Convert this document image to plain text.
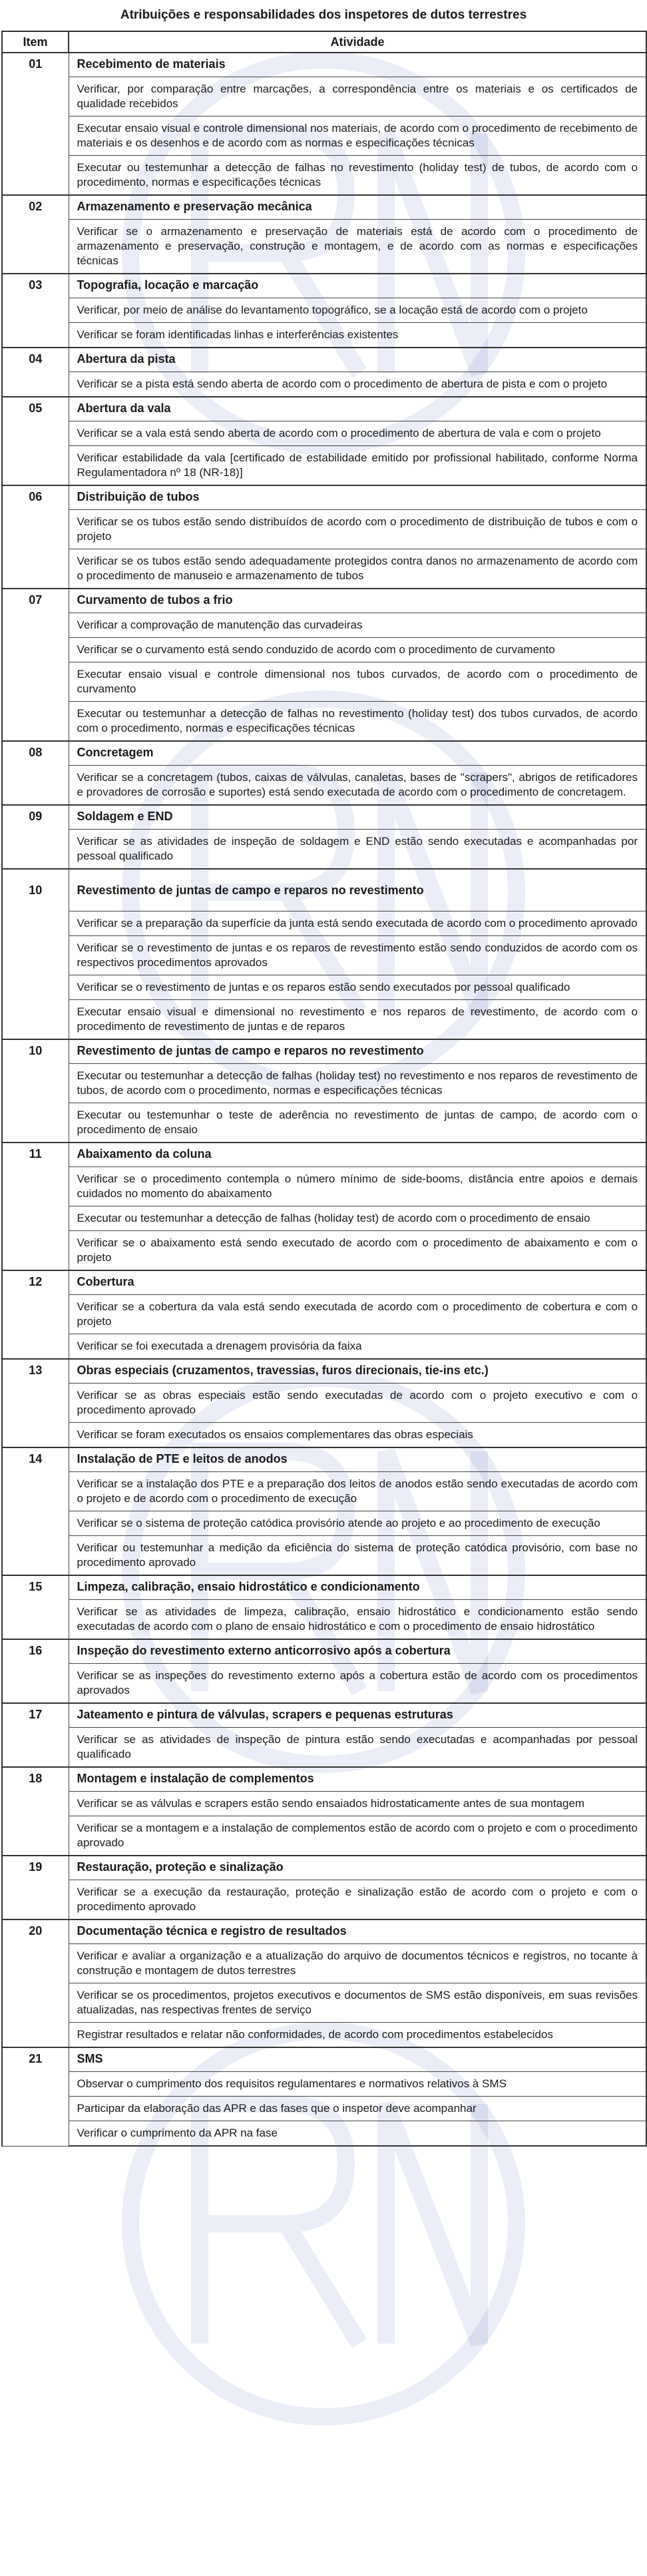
Atribuições e responsabilidades dos inspetores de dutos terrestres
Item	Atividade
01	Recebimento de materiais
	Verificar, por comparação entre marcações, a correspondência entre os materiais e os certificados de qualidade recebidos
	Executar ensaio visual e controle dimensional nos materiais, de acordo com o procedimento de recebimento de materiais e os desenhos e de acordo com as normas e especificações técnicas
	Executar ou testemunhar a detecção de falhas no revestimento (holiday test) de tubos, de acordo com o procedimento, normas e especificações técnicas
02	Armazenamento e preservação mecânica
	Verificar se o armazenamento e preservação de materiais está de acordo com o procedimento de armazenamento e preservação, construção e montagem, e de acordo com as normas e especificações técnicas
03	Topografia, locação e marcação
	Verificar, por meio de análise do levantamento topográfico, se a locação está de acordo com o projeto
	Verificar se foram identificadas linhas e interferências existentes
04	Abertura da pista
	Verificar se a pista está sendo aberta de acordo com o procedimento de abertura de pista e com o projeto
05	Abertura da vala
	Verificar se a vala está sendo aberta de acordo com o procedimento de abertura de vala e com o projeto
	Verificar estabilidade da vala [certificado de estabilidade emitido por profissional habilitado, conforme Norma Regulamentadora nº 18 (NR-18)]
06	Distribuição de tubos
	Verificar se os tubos estão sendo distribuídos de acordo com o procedimento de distribuição de tubos e com o projeto
	Verificar se os tubos estão sendo adequadamente protegidos contra danos no armazenamento de acordo com o procedimento de manuseio e armazenamento de tubos
07	Curvamento de tubos a frio
	Verificar a comprovação de manutenção das curvadeiras
	Verificar se o curvamento está sendo conduzido de acordo com o procedimento de curvamento
	Executar ensaio visual e controle dimensional nos tubos curvados, de acordo com o procedimento de curvamento
	Executar ou testemunhar a detecção de falhas no revestimento (holiday test) dos tubos curvados, de acordo com o procedimento, normas e especificações técnicas
08	Concretagem
	Verificar se a concretagem (tubos, caixas de válvulas, canaletas, bases de "scrapers", abrigos de retificadores e provadores de corrosão e suportes) está sendo executada de acordo com o procedimento de concretagem.
09	Soldagem e END
	Verificar se as atividades de inspeção de soldagem e END estão sendo executadas e acompanhadas por pessoal qualificado
10	Revestimento de juntas de campo e reparos no revestimento
	Verificar se a preparação da superfície da junta está sendo executada de acordo com o procedimento aprovado
	Verificar se o revestimento de juntas e os reparos de revestimento estão sendo conduzidos de acordo com os respectivos procedimentos aprovados
	Verificar se o revestimento de juntas e os reparos estão sendo executados por pessoal qualificado
	Executar ensaio visual e dimensional no revestimento e nos reparos de revestimento, de acordo com o procedimento de revestimento de juntas e de reparos
10	Revestimento de juntas de campo e reparos no revestimento
	Executar ou testemunhar a detecção de falhas (holiday test) no revestimento e nos reparos de revestimento de tubos, de acordo com o procedimento, normas e especificações técnicas
	Executar ou testemunhar o teste de aderência no revestimento de juntas de campo, de acordo com o procedimento de ensaio
11	Abaixamento da coluna
	Verificar se o procedimento contempla o número mínimo de side-booms, distância entre apoios e demais cuidados no momento do abaixamento
	Executar ou testemunhar a detecção de falhas (holiday test) de acordo com o procedimento de ensaio
	Verificar se o abaixamento está sendo executado de acordo com o procedimento de abaixamento e com o projeto
12	Cobertura
	Verificar se a cobertura da vala está sendo executada de acordo com o procedimento de cobertura e com o projeto
	Verificar se foi executada a drenagem provisória da faixa
13	Obras especiais (cruzamentos, travessias, furos direcionais, tie-ins etc.)
	Verificar se as obras especiais estão sendo executadas de acordo com o projeto executivo e com o procedimento aprovado
	Verificar se foram executados os ensaios complementares das obras especiais
14	Instalação de PTE e leitos de anodos
	Verificar se a instalação dos PTE e a preparação dos leitos de anodos estão sendo executadas de acordo com o projeto e de acordo com o procedimento de execução
	Verificar se o sistema de proteção catódica provisório atende ao projeto e ao procedimento de execução
	Verificar ou testemunhar a medição da eficiência do sistema de proteção catódica provisório, com base no procedimento aprovado
15	Limpeza, calibração, ensaio hidrostático e condicionamento
	Verificar se as atividades de limpeza, calibração, ensaio hidrostático e condicionamento estão sendo executadas de acordo com o plano de ensaio hidrostático e com o procedimento de ensaio hidrostático
16	Inspeção do revestimento externo anticorrosivo após a cobertura
	Verificar se as inspeções do revestimento externo após a cobertura estão de acordo com os procedimentos aprovados
17	Jateamento e pintura de válvulas, scrapers e pequenas estruturas
	Verificar se as atividades de inspeção de pintura estão sendo executadas e acompanhadas por pessoal qualificado
18	Montagem e instalação de complementos
	Verificar se as válvulas e scrapers estão sendo ensaiados hidrostaticamente antes de sua montagem
	Verificar se a montagem e a instalação de complementos estão de acordo com o projeto e com o procedimento aprovado
19	Restauração, proteção e sinalização
	Verificar se a execução da restauração, proteção e sinalização estão de acordo com o projeto e com o procedimento aprovado
20	Documentação técnica e registro de resultados
	Verificar e avaliar a organização e a atualização do arquivo de documentos técnicos e registros, no tocante à construção e montagem de dutos terrestres
	Verificar se os procedimentos, projetos executivos e documentos de SMS estão disponíveis, em suas revisões atualizadas, nas respectivas frentes de serviço
	Registrar resultados e relatar não conformidades, de acordo com procedimentos estabelecidos
21	SMS
	Observar o cumprimento dos requisitos regulamentares e normativos relativos à SMS
	Participar da elaboração das APR e das fases que o inspetor deve acompanhar
	Verificar o cumprimento da APR na fase
